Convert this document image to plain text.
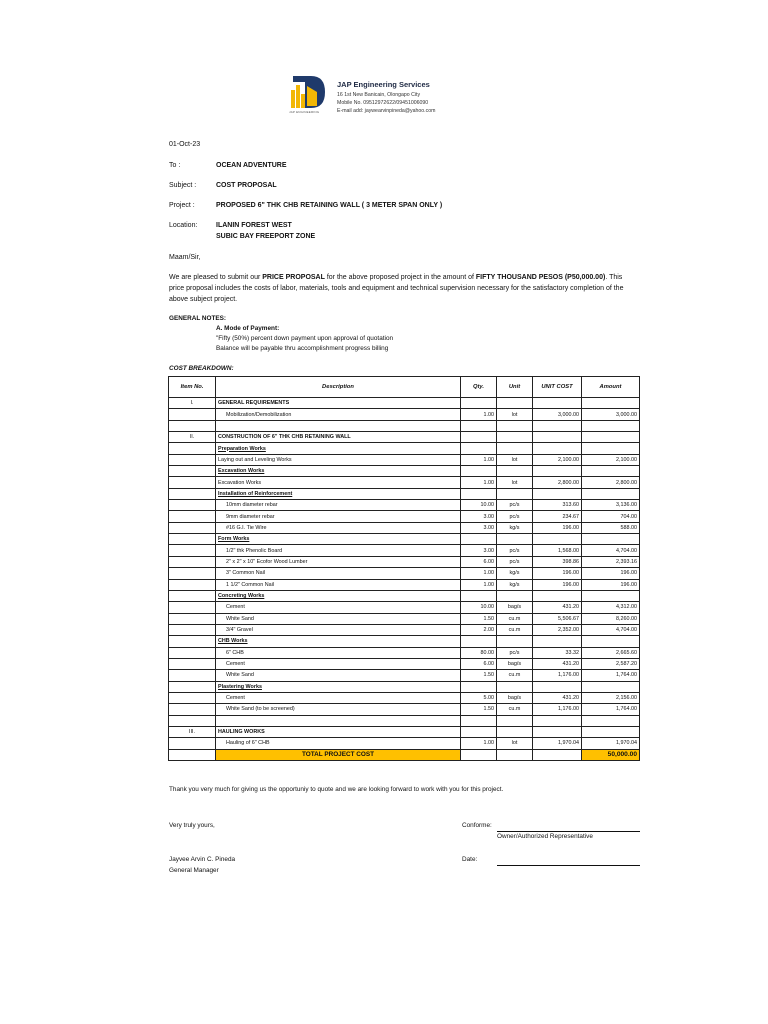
JAP ENGINEERING
JAP Engineering Services
16 1st New Banicain, Olongapo City
Mobile No. 09512972622/09451006090
E-mail add: jaywearvinpineda@yahoo.com
01-Oct-23
To :	OCEAN ADVENTURE
Subject :	COST PROPOSAL
Project :	PROPOSED 6" THK CHB RETAINING WALL ( 3 METER SPAN ONLY )
Location:	ILANIN FOREST WEST
SUBIC BAY FREEPORT ZONE
Maam/Sir,
We are pleased to submit our PRICE PROPOSAL for the above proposed project in the amount of FIFTY THOUSAND PESOS (P50,000.00). This price proposal includes the costs of labor, materials, tools and equipment and technical supervision necessary for the satisfactory completion of the above subject project.
GENERAL NOTES:
A. Mode of Payment:
"Fifty (50%) percent down payment upon approval of quotation
Balance will be payable thru accomplishment progress billing
COST BREAKDOWN:
Item No.	Description	Qty.	Unit	UNIT COST	Amount
I.	GENERAL REQUIREMENTS				
	Mobilization/Demobilization	1.00	lot	3,000.00	3,000.00

II.	CONSTRUCTION OF 6" THK CHB RETAINING WALL				
	Preparation Works				
	Laying out and Leveling Works	1.00	lot	2,100.00	2,100.00
	Excavation Works				
	Excavation Works	1.00	lot	2,800.00	2,800.00
	Installation of Reinforcement				
	10mm diameter rebar	10.00	pc/s	313.60	3,136.00
	9mm diameter rebar	3.00	pc/s	234.67	704.00
	#16 G.I. Tie Wire	3.00	kg/s	196.00	588.00
	Form Works				
	1/2" thk Phenolic Board	3.00	pc/s	1,568.00	4,704.00
	2" x 2" x 10" Ecofor Wood Lumber	6.00	pc/s	398.86	2,393.16
	3" Common Nail	1.00	kg/s	196.00	196.00
	1 1/2" Common Nail	1.00	kg/s	196.00	196.00
	Concreting Works				
	Cement	10.00	bag/s	431.20	4,312.00
	White Sand	1.50	cu.m	5,506.67	8,260.00
	3/4" Gravel	2.00	cu.m	2,352.00	4,704.00
	CHB Works				
	6" CHB	80.00	pc/s	33.32	2,665.60
	Cement	6.00	bag/s	431.20	2,587.20
	White Sand	1.50	cu.m	1,176.00	1,764.00
	Plastering Works				
	Cement	5.00	bag/s	431.20	2,156.00
	White Sand (to be screened)	1.50	cu.m	1,176.00	1,764.00

III.	HAULING WORKS				
	Hauling of 6" CHB	1.00	lot	1,970.04	1,970.04
	TOTAL PROJECT COST				50,000.00
Thank you very much for giving us the opportuniy to quote and we are looking forward to work with you for this project.
Very truly yours,
Jayvee Arvin C. Pineda
General Manager
Conforme:
Owner/Authorized Representative
Date:
